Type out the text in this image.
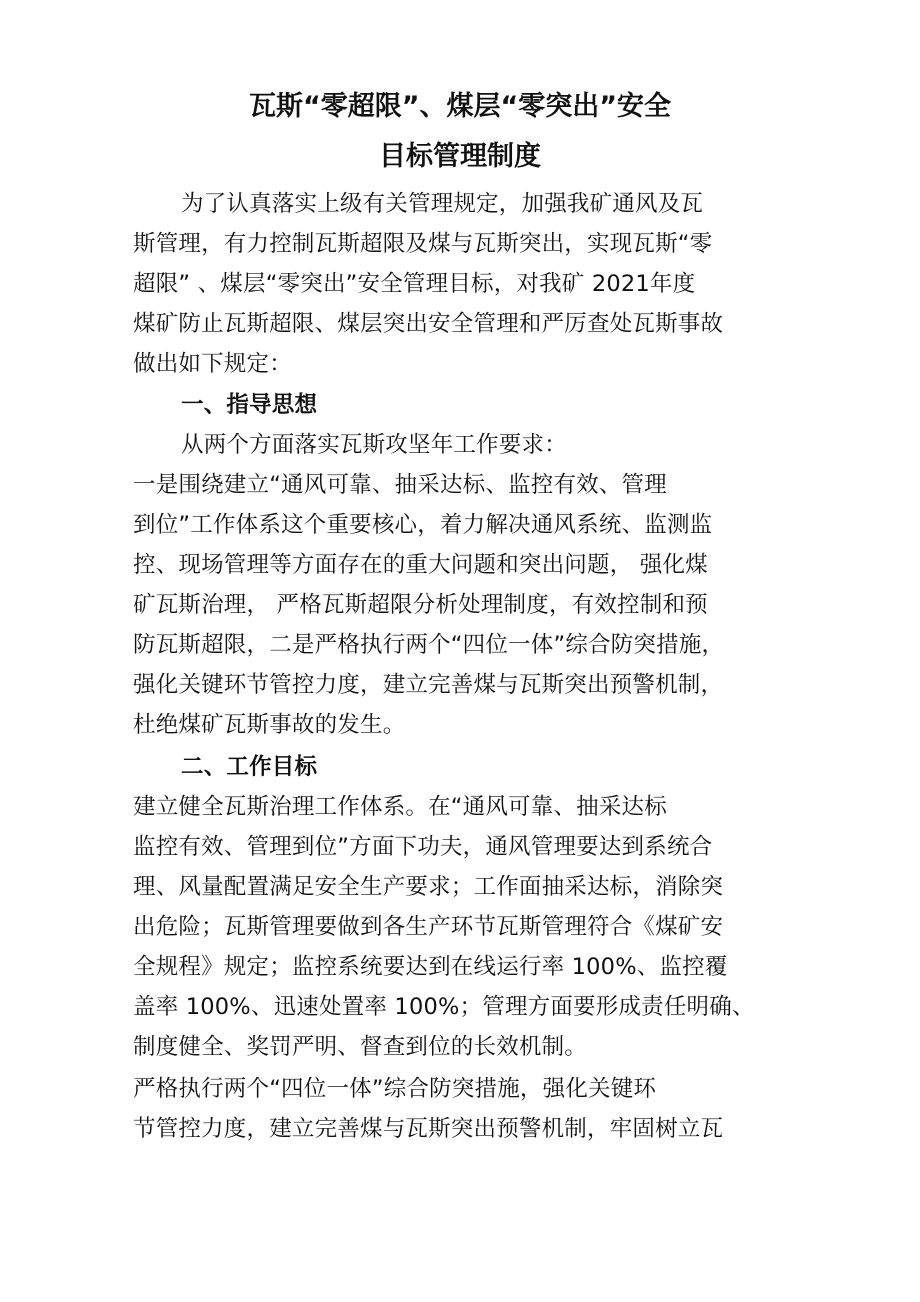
瓦斯“零超限”、煤层“零突出”安全
目标管理制度
为了认真落实上级有关管理规定，加强我矿通风及瓦
斯管理，有力控制瓦斯超限及煤与瓦斯突出，实现瓦斯“零
超限” 、煤层“零突出”安全管理目标，对我矿 2021年度
煤矿防止瓦斯超限、煤层突出安全管理和严厉查处瓦斯事故
做出如下规定：
一、指导思想
从两个方面落实瓦斯攻坚年工作要求：
一是围绕建立“通风可靠、抽采达标、监控有效、管理
到位”工作体系这个重要核心，着力解决通风系统、监测监
控、现场管理等方面存在的重大问题和突出问题， 强化煤
矿瓦斯治理， 严格瓦斯超限分析处理制度，有效控制和预
防瓦斯超限，二是严格执行两个“四位一体”综合防突措施，
强化关键环节管控力度，建立完善煤与瓦斯突出预警机制，
杜绝煤矿瓦斯事故的发生。
二、工作目标
建立健全瓦斯治理工作体系。在“通风可靠、抽采达标
监控有效、管理到位”方面下功夫，通风管理要达到系统合
理、风量配置满足安全生产要求；工作面抽采达标，消除突
出危险；瓦斯管理要做到各生产环节瓦斯管理符合《煤矿安
全规程》规定；监控系统要达到在线运行率 100%、监控覆
盖率 100%、迅速处置率 100%；管理方面要形成责任明确、
制度健全、奖罚严明、督查到位的长效机制。
严格执行两个“四位一体”综合防突措施，强化关键环
节管控力度，建立完善煤与瓦斯突出预警机制，牢固树立瓦
